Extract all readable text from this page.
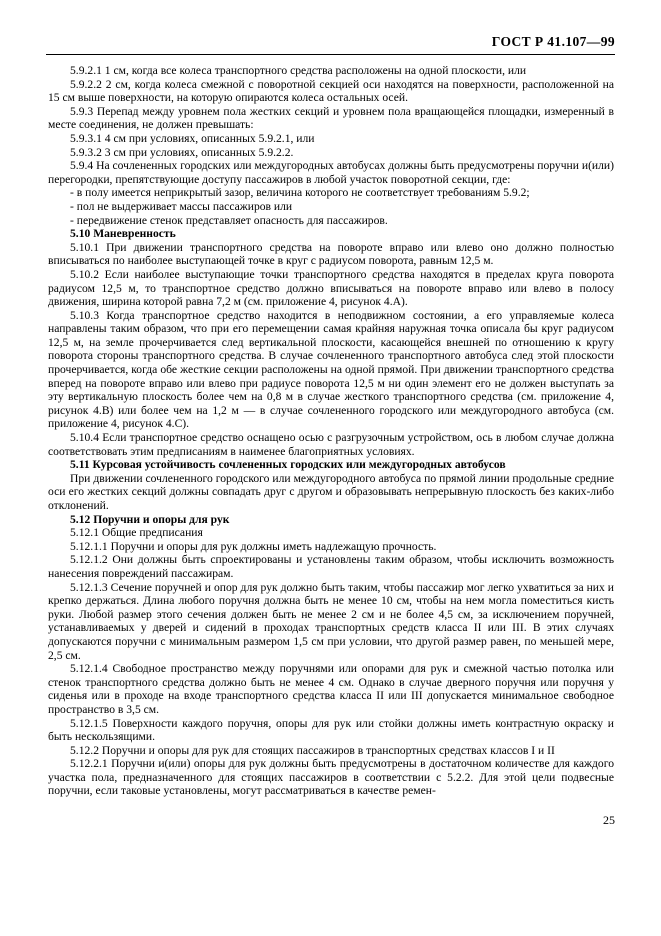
ГОСТ Р 41.107—99

5.9.2.1 1 см, когда все колеса транспортного средства расположены на одной плоскости, или

5.9.2.2 2 см, когда колеса смежной с поворотной секцией оси находятся на поверхности, расположенной на 15 см выше поверхности, на которую опираются колеса остальных осей.

5.9.3 Перепад между уровнем пола жестких секций и уровнем пола вращающейся площадки, измеренный в месте соединения, не должен превышать:

5.9.3.1 4 см при условиях, описанных 5.9.2.1, или

5.9.3.2 3 см при условиях, описанных 5.9.2.2.

5.9.4 На сочлененных городских или междугородных автобусах должны быть предусмотрены поручни и(или) перегородки, препятствующие доступу пассажиров в любой участок поворотной секции, где:

- в полу имеется неприкрытый зазор, величина которого не соответствует требованиям 5.9.2;

- пол не выдерживает массы пассажиров или

- передвижение стенок представляет опасность для пассажиров.

5.10 Маневренность

5.10.1 При движении транспортного средства на повороте вправо или влево оно должно полностью вписываться по наиболее выступающей точке в круг с радиусом поворота, равным 12,5 м.

5.10.2 Если наиболее выступающие точки транспортного средства находятся в пределах круга поворота радиусом 12,5 м, то транспортное средство должно вписываться на повороте вправо или влево в полосу движения, ширина которой равна 7,2 м (см. приложение 4, рисунок 4.А).

5.10.3 Когда транспортное средство находится в неподвижном состоянии, а его управляемые колеса направлены таким образом, что при его перемещении самая крайняя наружная точка описала бы круг радиусом 12,5 м, на земле прочерчивается след вертикальной плоскости, касающейся внешней по отношению к кругу поворота стороны транспортного средства. В случае сочлененного транспортного автобуса след этой плоскости прочерчивается, когда обе жесткие секции расположены на одной прямой. При движении транспортного средства вперед на повороте вправо или влево при радиусе поворота 12,5 м ни один элемент его не должен выступать за эту вертикальную плоскость более чем на 0,8 м в случае жесткого транспортного средства (см. приложение 4, рисунок 4.В) или более чем на 1,2 м — в случае сочлененного городского или междугородного автобуса (см. приложение 4, рисунок 4.С).

5.10.4 Если транспортное средство оснащено осью с разгрузочным устройством, ось в любом случае должна соответствовать этим предписаниям в наименее благоприятных условиях.

5.11 Курсовая устойчивость сочлененных городских или междугородных автобусов

При движении сочлененного городского или междугородного автобуса по прямой линии продольные средние оси его жестких секций должны совпадать друг с другом и образовывать непрерывную плоскость без каких-либо отклонений.

5.12 Поручни и опоры для рук

5.12.1 Общие предписания

5.12.1.1 Поручни и опоры для рук должны иметь надлежащую прочность.

5.12.1.2 Они должны быть спроектированы и установлены таким образом, чтобы исключить возможность нанесения повреждений пассажирам.

5.12.1.3 Сечение поручней и опор для рук должно быть таким, чтобы пассажир мог легко ухватиться за них и крепко держаться. Длина любого поручня должна быть не менее 10 см, чтобы на нем могла поместиться кисть руки. Любой размер этого сечения должен быть не менее 2 см и не более 4,5 см, за исключением поручней, устанавливаемых у дверей и сидений в проходах транспортных средств класса II или III. В этих случаях допускаются поручни с минимальным размером 1,5 см при условии, что другой размер равен, по меньшей мере, 2,5 см.

5.12.1.4 Свободное пространство между поручнями или опорами для рук и смежной частью потолка или стенок транспортного средства должно быть не менее 4 см. Однако в случае дверного поручня или поручня у сиденья или в проходе на входе транспортного средства класса II или III допускается минимальное свободное пространство в 3,5 см.

5.12.1.5 Поверхности каждого поручня, опоры для рук или стойки должны иметь контрастную окраску и быть нескользящими.

5.12.2 Поручни и опоры для рук для стоящих пассажиров в транспортных средствах классов I и II

5.12.2.1 Поручни и(или) опоры для рук должны быть предусмотрены в достаточном количестве для каждого участка пола, предназначенного для стоящих пассажиров в соответствии с 5.2.2. Для этой цели подвесные поручни, если таковые установлены, могут рассматриваться в качестве ремен-

25
